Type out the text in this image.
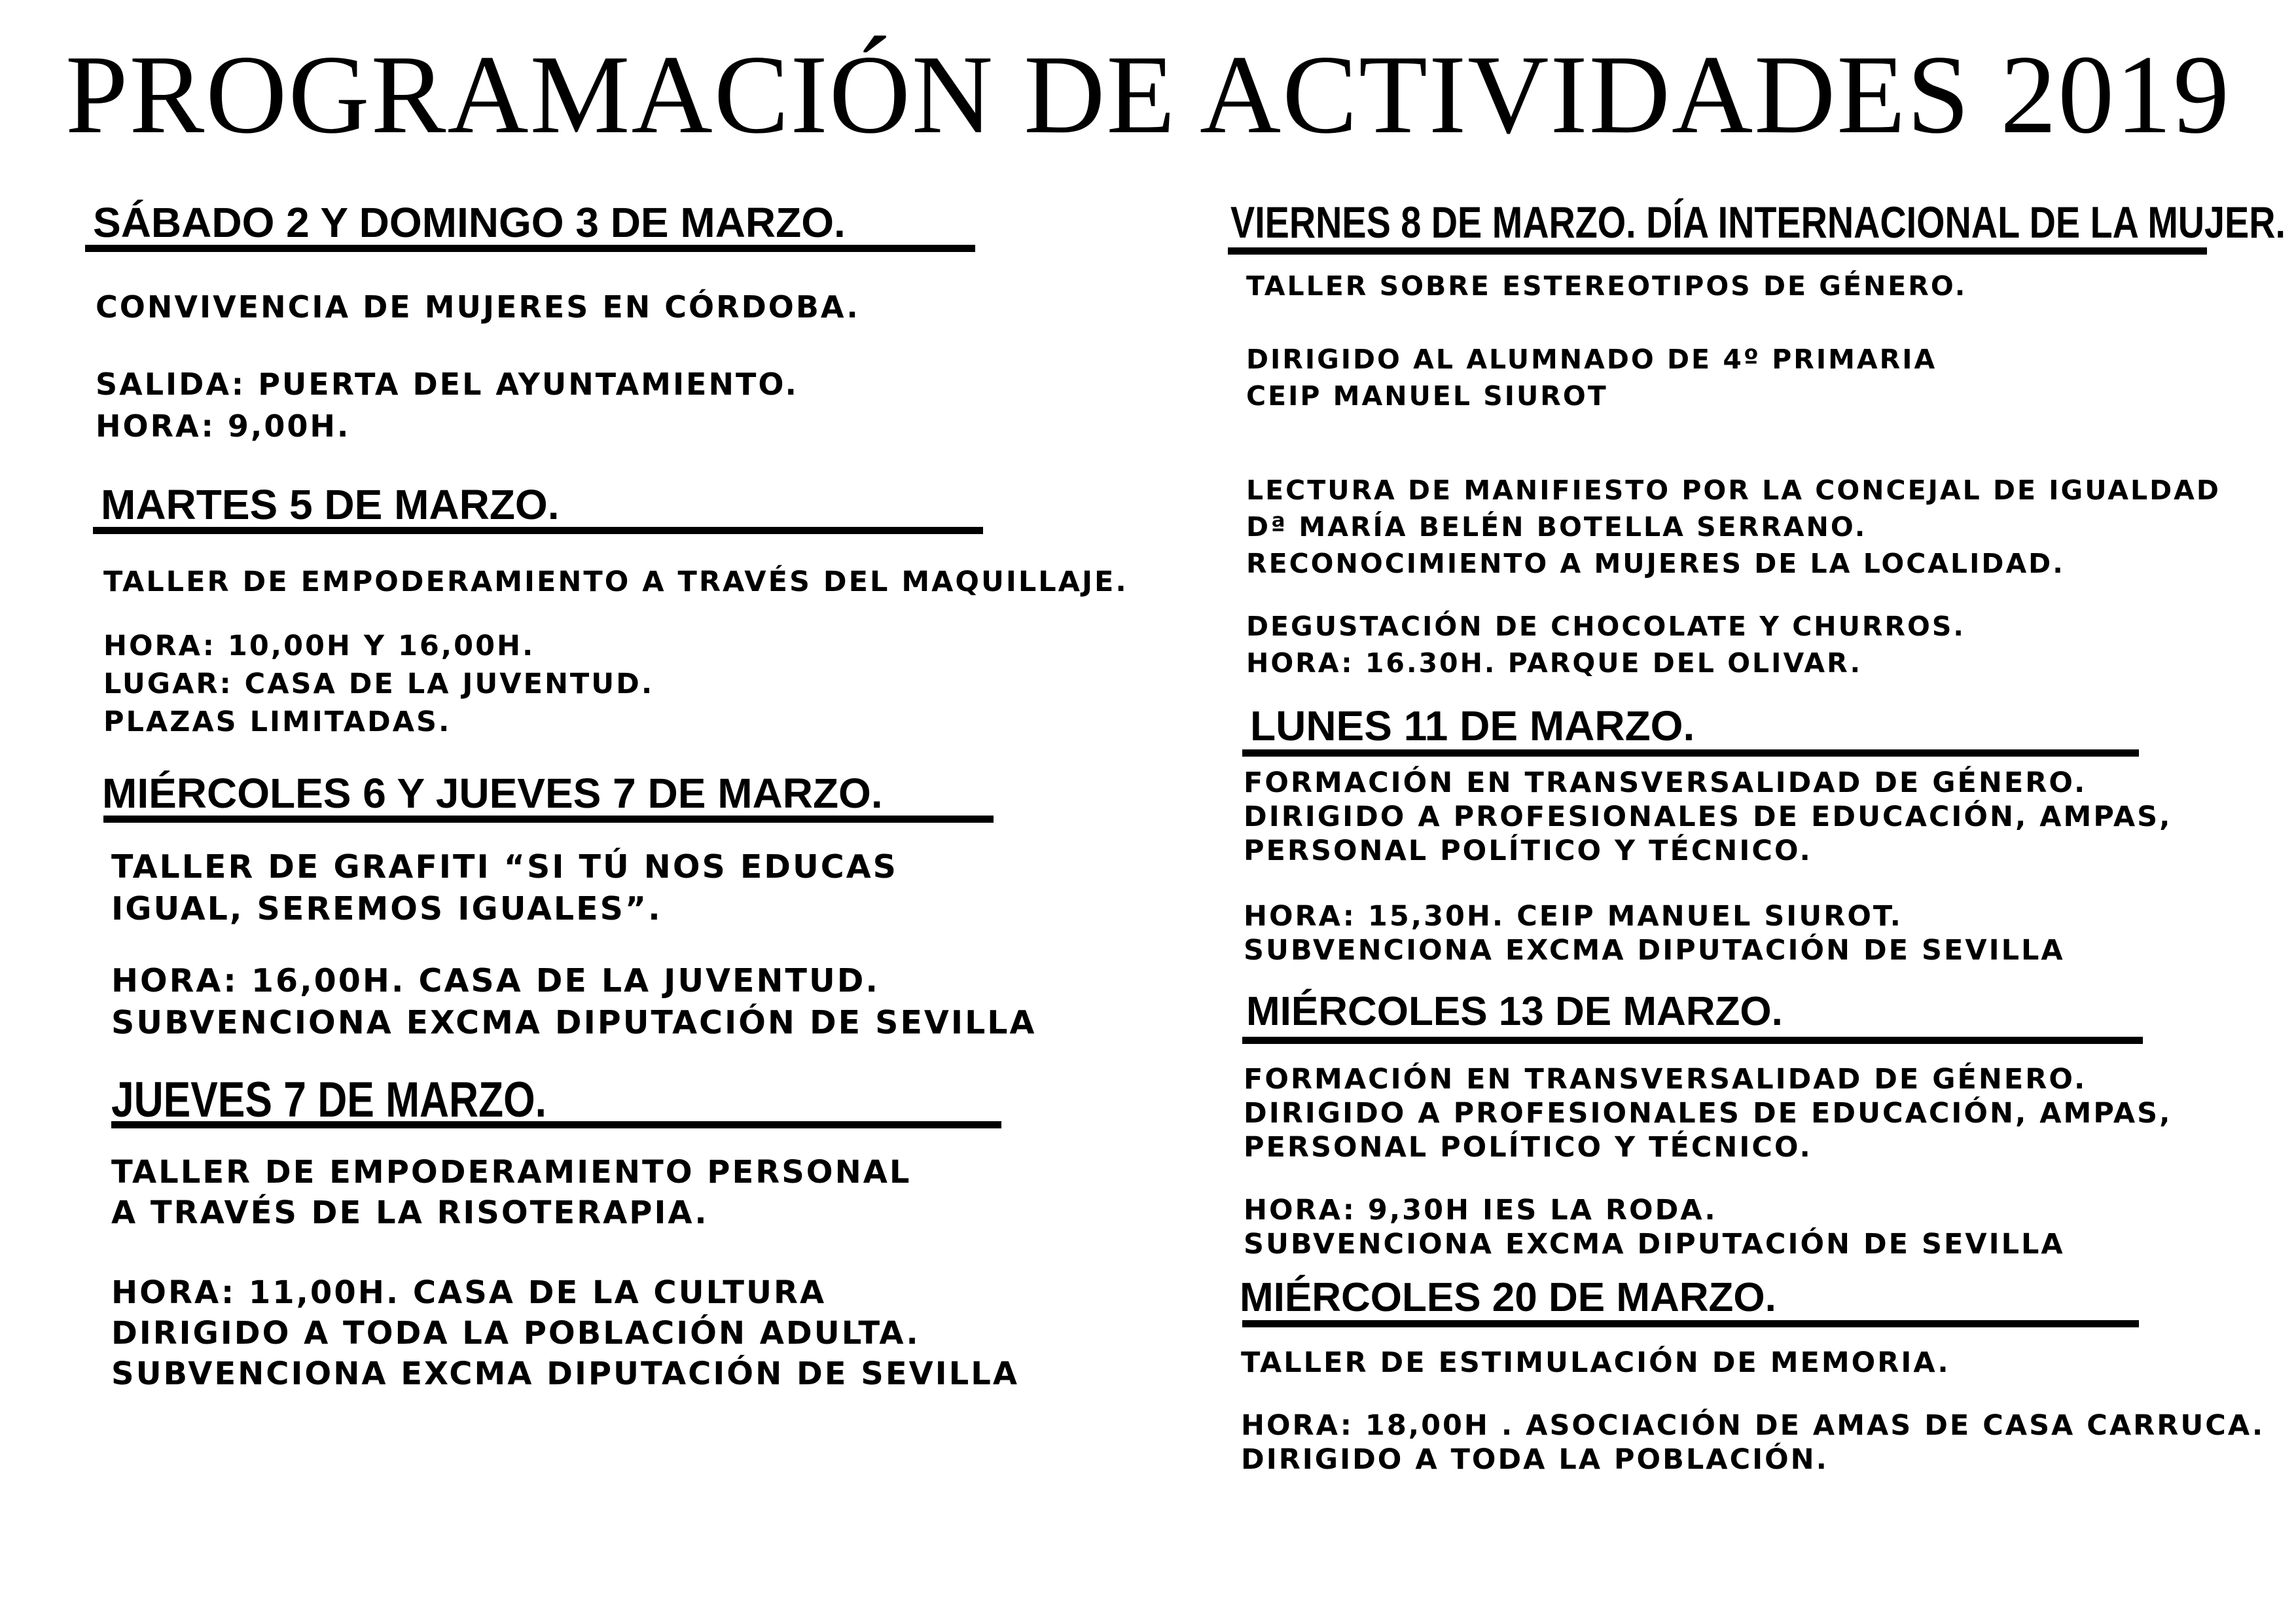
PROGRAMACIÓN DE ACTIVIDADES 2019
SÁBADO 2 Y DOMINGO 3 DE MARZO.
CONVIVENCIA DE MUJERES EN CÓRDOBA.
SALIDA: PUERTA DEL AYUNTAMIENTO.
HORA: 9,00H.
MARTES 5 DE MARZO.
TALLER DE EMPODERAMIENTO A TRAVÉS DEL MAQUILLAJE.
HORA: 10,00H Y 16,00H.
LUGAR: CASA DE LA JUVENTUD.
PLAZAS LIMITADAS.
MIÉRCOLES 6 Y JUEVES 7 DE MARZO.
TALLER DE GRAFITI “SI TÚ NOS EDUCAS
IGUAL, SEREMOS IGUALES”.
HORA: 16,00H. CASA DE LA JUVENTUD.
SUBVENCIONA EXCMA DIPUTACIÓN DE SEVILLA
JUEVES 7 DE MARZO.
TALLER DE EMPODERAMIENTO PERSONAL
A TRAVÉS DE LA RISOTERAPIA.
HORA: 11,00H. CASA DE LA CULTURA
DIRIGIDO A TODA LA POBLACIÓN ADULTA.
SUBVENCIONA EXCMA DIPUTACIÓN DE SEVILLA
VIERNES 8 DE MARZO. DÍA INTERNACIONAL DE LA MUJER.
TALLER SOBRE ESTEREOTIPOS DE GÉNERO.
DIRIGIDO AL ALUMNADO DE 4º PRIMARIA
CEIP MANUEL SIUROT
LECTURA DE MANIFIESTO POR LA CONCEJAL DE IGUALDAD
Dª MARÍA BELÉN BOTELLA SERRANO.
RECONOCIMIENTO A MUJERES DE LA LOCALIDAD.
DEGUSTACIÓN DE CHOCOLATE Y CHURROS.
HORA: 16.30H. PARQUE DEL OLIVAR.
LUNES 11 DE MARZO.
FORMACIÓN EN TRANSVERSALIDAD DE GÉNERO.
DIRIGIDO A PROFESIONALES DE EDUCACIÓN, AMPAS,
PERSONAL POLÍTICO Y TÉCNICO.
HORA: 15,30H. CEIP MANUEL SIUROT.
SUBVENCIONA EXCMA DIPUTACIÓN DE SEVILLA
MIÉRCOLES 13 DE MARZO.
FORMACIÓN EN TRANSVERSALIDAD DE GÉNERO.
DIRIGIDO A PROFESIONALES DE EDUCACIÓN, AMPAS,
PERSONAL POLÍTICO Y TÉCNICO.
HORA: 9,30H IES LA RODA.
SUBVENCIONA EXCMA DIPUTACIÓN DE SEVILLA
MIÉRCOLES 20 DE MARZO.
TALLER DE ESTIMULACIÓN DE MEMORIA.
HORA: 18,00H . ASOCIACIÓN DE AMAS DE CASA CARRUCA.
DIRIGIDO A TODA LA POBLACIÓN.
